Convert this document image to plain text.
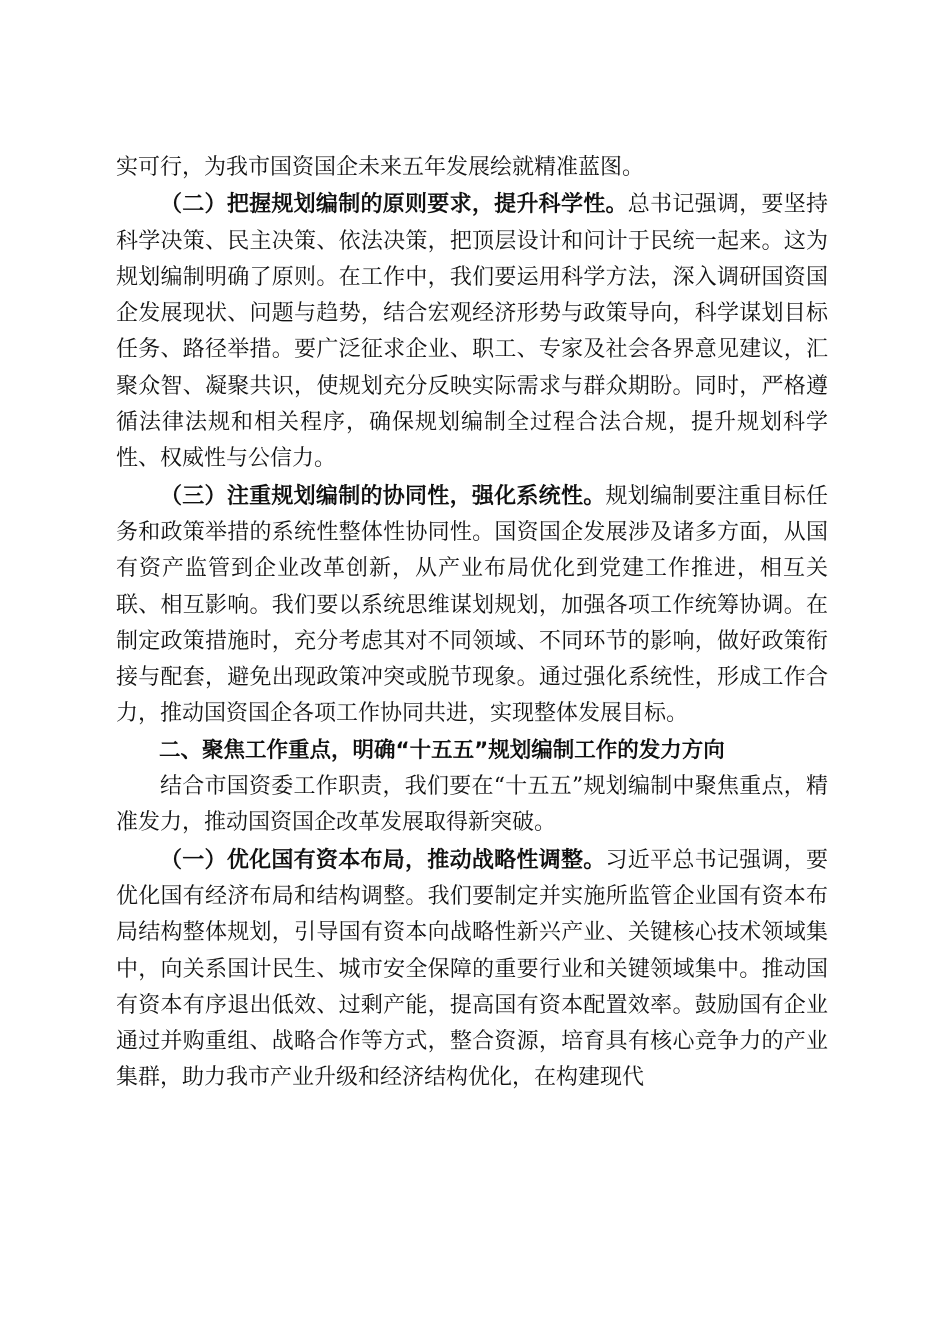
实可行，为我市国资国企未来五年发展绘就精准蓝图。

（二）把握规划编制的原则要求，提升科学性。总书记强调，要坚持科学决策、民主决策、依法决策，把顶层设计和问计于民统一起来。这为规划编制明确了原则。在工作中，我们要运用科学方法，深入调研国资国企发展现状、问题与趋势，结合宏观经济形势与政策导向，科学谋划目标任务、路径举措。要广泛征求企业、职工、专家及社会各界意见建议，汇聚众智、凝聚共识，使规划充分反映实际需求与群众期盼。同时，严格遵循法律法规和相关程序，确保规划编制全过程合法合规，提升规划科学性、权威性与公信力。

（三）注重规划编制的协同性，强化系统性。规划编制要注重目标任务和政策举措的系统性整体性协同性。国资国企发展涉及诸多方面，从国有资产监管到企业改革创新，从产业布局优化到党建工作推进，相互关联、相互影响。我们要以系统思维谋划规划，加强各项工作统筹协调。在制定政策措施时，充分考虑其对不同领域、不同环节的影响，做好政策衔接与配套，避免出现政策冲突或脱节现象。通过强化系统性，形成工作合力，推动国资国企各项工作协同共进，实现整体发展目标。

二、聚焦工作重点，明确“十五五”规划编制工作的发力方向

结合市国资委工作职责，我们要在“十五五”规划编制中聚焦重点，精准发力，推动国资国企改革发展取得新突破。

（一）优化国有资本布局，推动战略性调整。习近平总书记强调，要优化国有经济布局和结构调整。我们要制定并实施所监管企业国有资本布局结构整体规划，引导国有资本向战略性新兴产业、关键核心技术领域集中，向关系国计民生、城市安全保障的重要行业和关键领域集中。推动国有资本有序退出低效、过剩产能，提高国有资本配置效率。鼓励国有企业通过并购重组、战略合作等方式，整合资源，培育具有核心竞争力的产业集群，助力我市产业升级和经济结构优化，在构建现代
